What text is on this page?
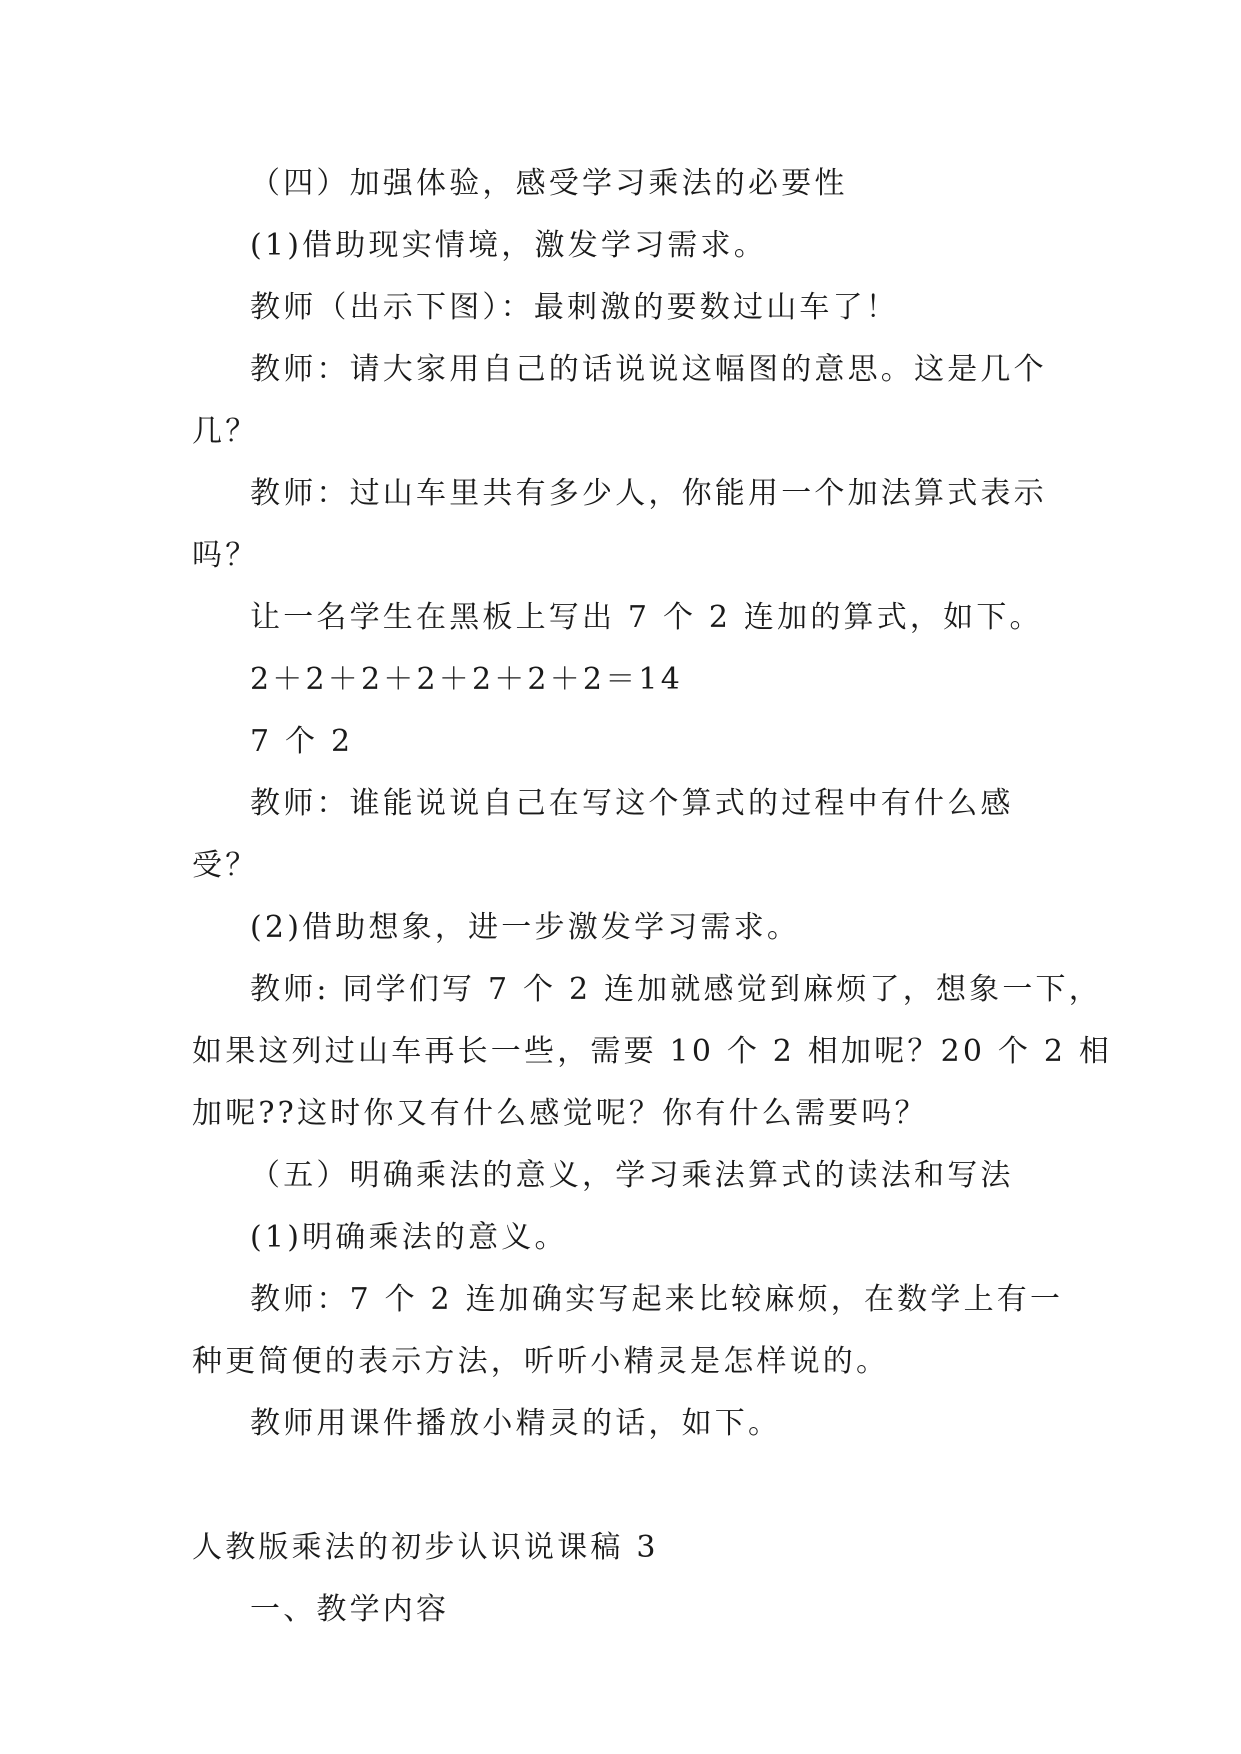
（四）加强体验，感受学习乘法的必要性

(1)借助现实情境，激发学习需求。

教师（出示下图）：最刺激的要数过山车了！

教师：请大家用自己的话说说这幅图的意思。这是几个

几？

教师：过山车里共有多少人，你能用一个加法算式表示

吗？

让一名学生在黑板上写出 7 个 2 连加的算式，如下。

2＋2＋2＋2＋2＋2＋2＝14

7 个 2

教师：谁能说说自己在写这个算式的过程中有什么感

受？

(2)借助想象，进一步激发学习需求。

教师: 同学们写 7 个 2 连加就感觉到麻烦了，想象一下，

如果这列过山车再长一些，需要 10 个 2 相加呢？20 个 2 相

加呢??这时你又有什么感觉呢？你有什么需要吗？

（五）明确乘法的意义，学习乘法算式的读法和写法

(1)明确乘法的意义。

教师：7 个 2 连加确实写起来比较麻烦，在数学上有一

种更简便的表示方法，听听小精灵是怎样说的。

教师用课件播放小精灵的话，如下。

人教版乘法的初步认识说课稿 3

一、教学内容
